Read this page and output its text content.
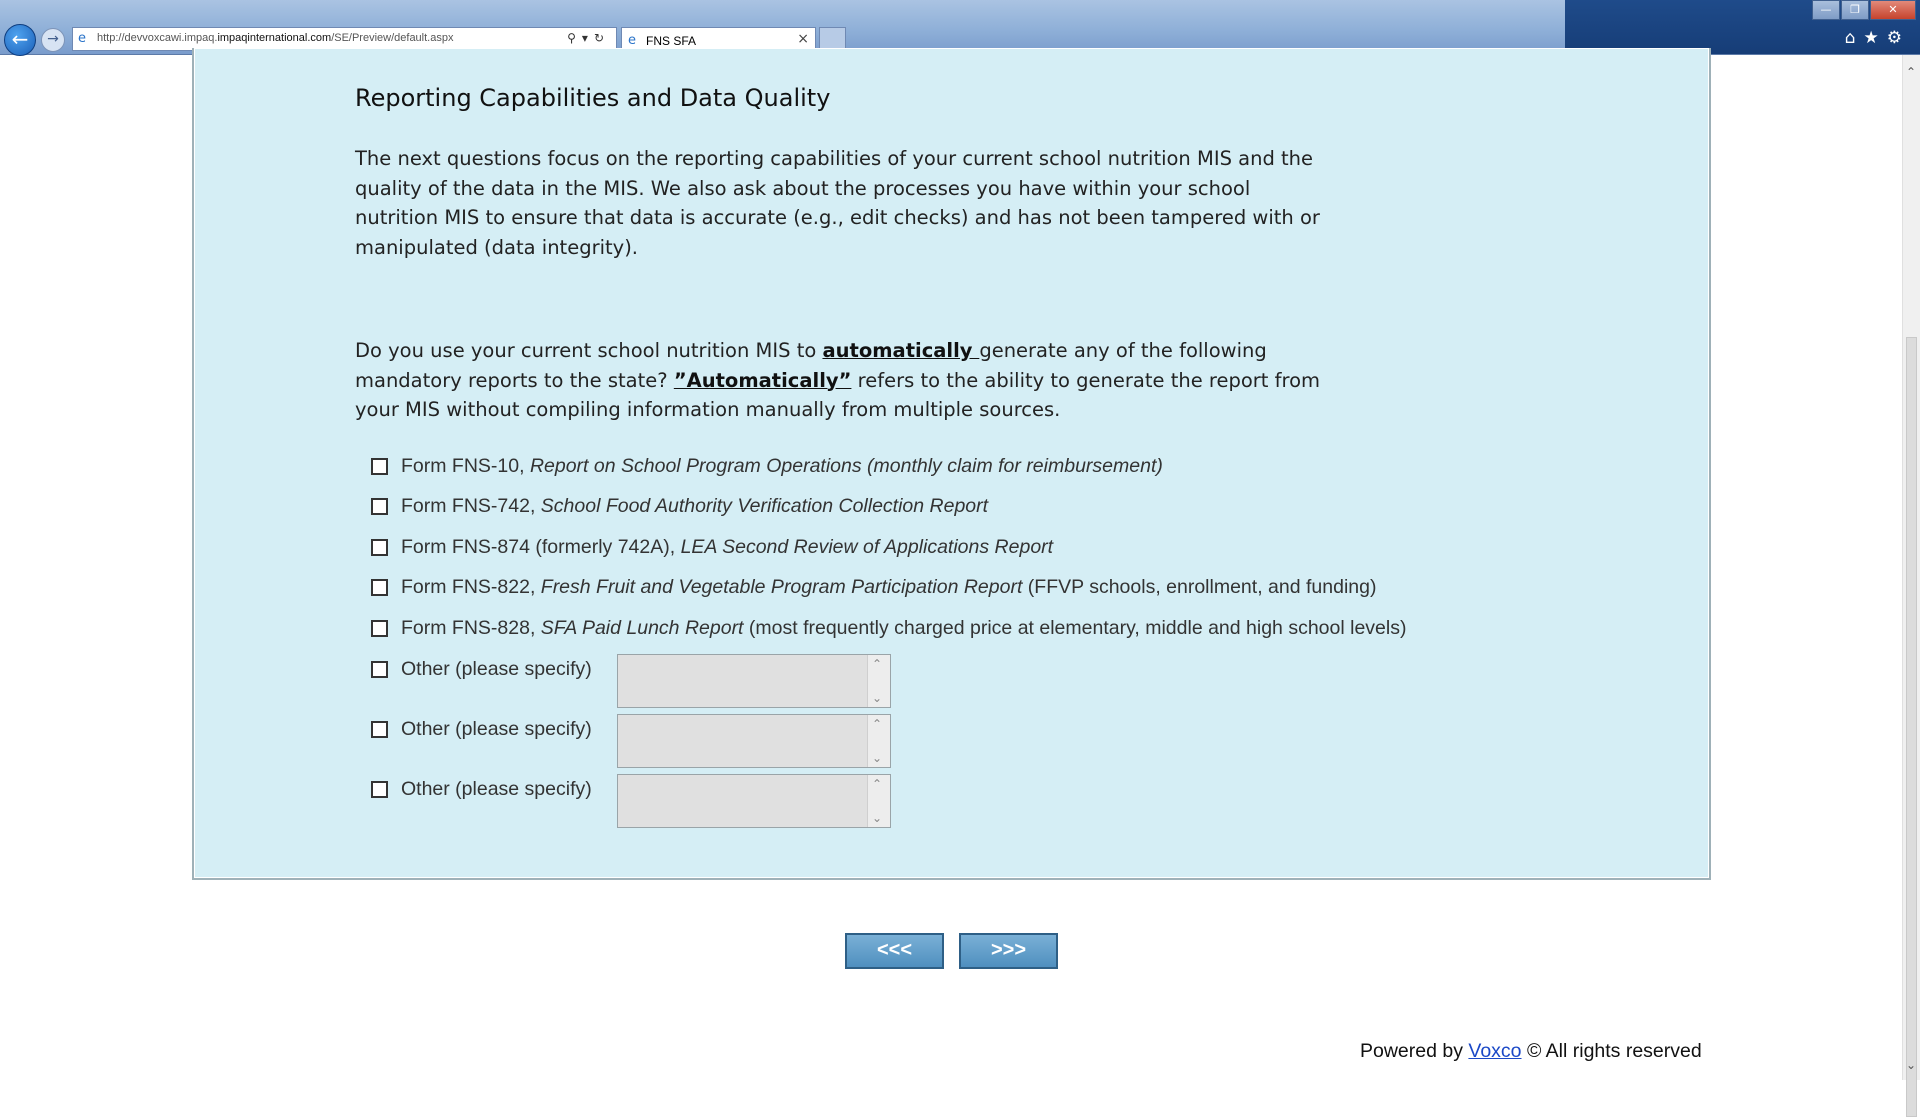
←	→	e	http://devvoxcawi.impaq.impaqinternational.com/SE/Preview/default.aspx	⚲▾↻ e FNS SFA	×
—	❐	✕
⌂★⚙
⌃
⌄
Reporting Capabilities and Data Quality
The next questions focus on the reporting capabilities of your current school nutrition MIS and the quality of the data in the MIS. We also ask about the processes you have within your school nutrition MIS to ensure that data is accurate (e.g., edit checks) and has not been tampered with or manipulated (data integrity).
Do you use your current school nutrition MIS to automatically generate any of the following mandatory reports to the state? ”Automatically” refers to the ability to generate the report from your MIS without compiling information manually from multiple sources.
Form FNS-10, Report on School Program Operations (monthly claim for reimbursement)
Form FNS-742, School Food Authority Verification Collection Report
Form FNS-874 (formerly 742A), LEA Second Review of Applications Report
Form FNS-822, Fresh Fruit and Vegetable Program Participation Report (FFVP schools, enrollment, and funding)
Form FNS-828, SFA Paid Lunch Report (most frequently charged price at elementary, middle and high school levels)
Other (please specify)	⌃
⌄
Other (please specify)	⌃
⌄
Other (please specify)	⌃
⌄
<<<	>>>
Powered by Voxco © All rights reserved
